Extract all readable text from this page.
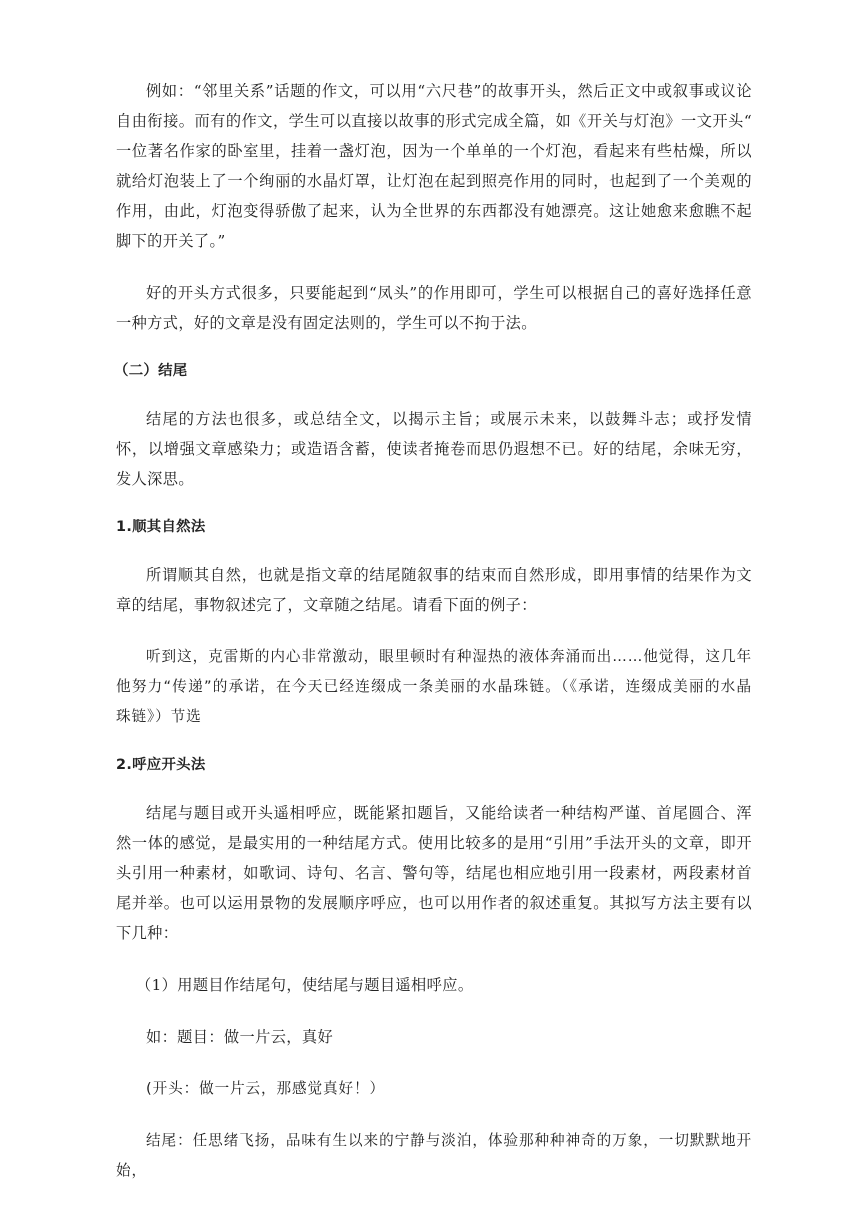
例如：“邻里关系”话题的作文，可以用“六尺巷”的故事开头，然后正文中或叙事或议论自由衔接。而有的作文，学生可以直接以故事的形式完成全篇，如《开关与灯泡》一文开头“ 一位著名作家的卧室里，挂着一盏灯泡，因为一个单单的一个灯泡，看起来有些枯燥，所以就给灯泡装上了一个绚丽的水晶灯罩，让灯泡在起到照亮作用的同时，也起到了一个美观的作用，由此，灯泡变得骄傲了起来，认为全世界的东西都没有她漂亮。这让她愈来愈瞧不起脚下的开关了。”

好的开头方式很多，只要能起到“凤头”的作用即可，学生可以根据自己的喜好选择任意一种方式，好的文章是没有固定法则的，学生可以不拘于法。

（二）结尾

结尾的方法也很多，或总结全文，以揭示主旨；或展示未来，以鼓舞斗志；或抒发情怀，以增强文章感染力；或造语含蓄，使读者掩卷而思仍遐想不已。好的结尾，余味无穷，发人深思。

1.顺其自然法

所谓顺其自然，也就是指文章的结尾随叙事的结束而自然形成，即用事情的结果作为文章的结尾，事物叙述完了，文章随之结尾。请看下面的例子：

听到这，克雷斯的内心非常激动，眼里顿时有种湿热的液体奔涌而出……他觉得，这几年他努力“传递”的承诺，在今天已经连缀成一条美丽的水晶珠链。（《承诺，连缀成美丽的水晶珠链》）节选

2.呼应开头法

结尾与题目或开头遥相呼应，既能紧扣题旨，又能给读者一种结构严谨、首尾圆合、浑然一体的感觉，是最实用的一种结尾方式。使用比较多的是用“引用”手法开头的文章，即开头引用一种素材，如歌词、诗句、名言、警句等，结尾也相应地引用一段素材，两段素材首尾并举。也可以运用景物的发展顺序呼应，也可以用作者的叙述重复。其拟写方法主要有以下几种：

（1）用题目作结尾句，使结尾与题目遥相呼应。

如：题目：做一片云，真好

(开头：做一片云，那感觉真好！）

结尾：任思绪飞扬，品味有生以来的宁静与淡泊，体验那种种神奇的万象，一切默默地开始，
